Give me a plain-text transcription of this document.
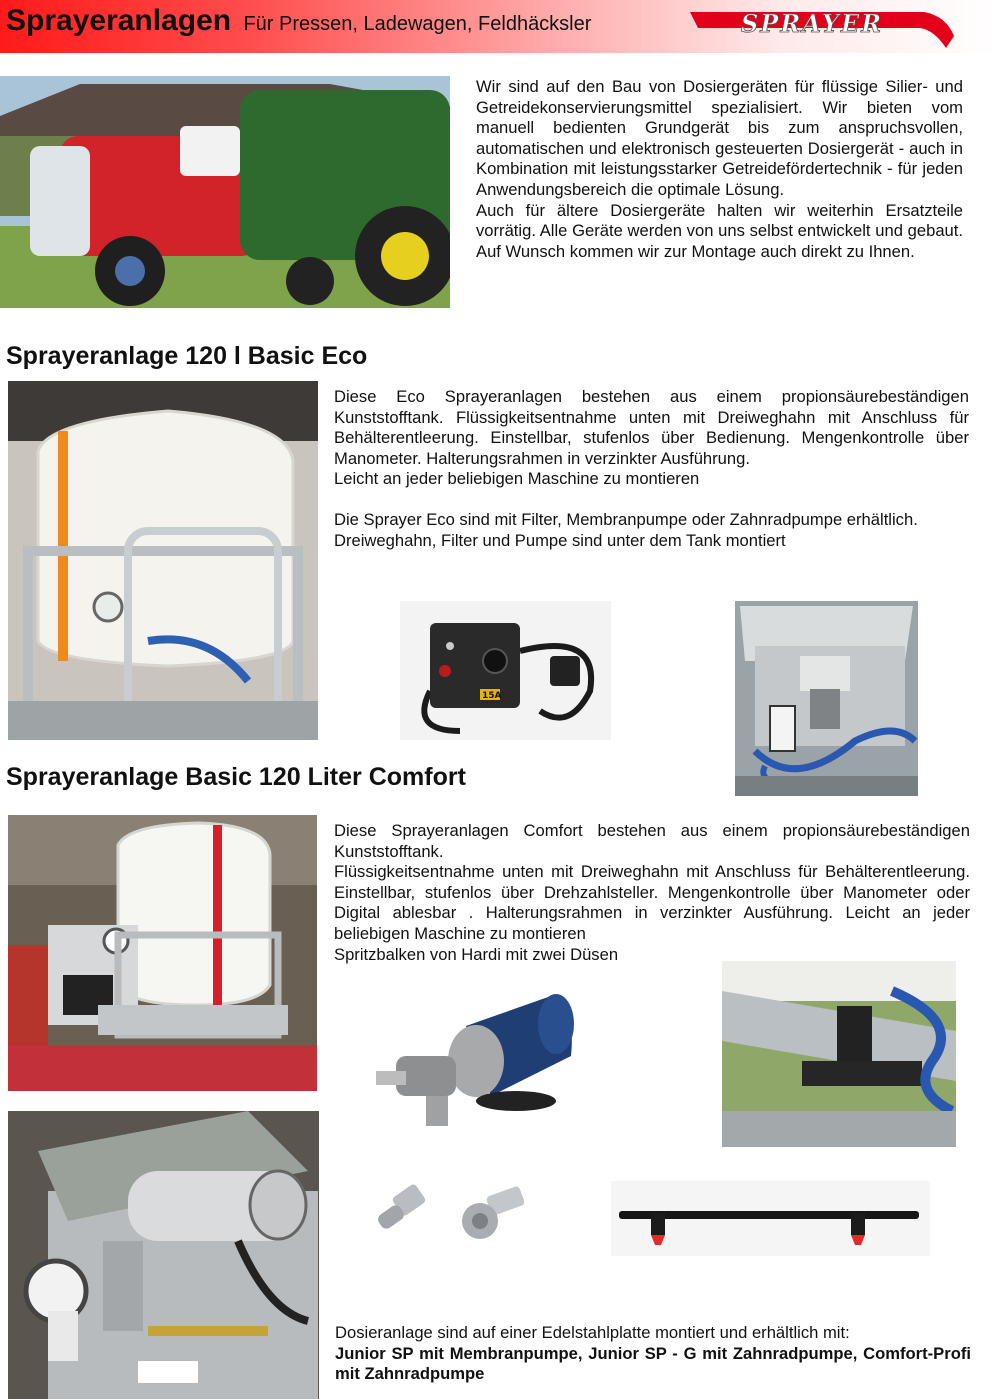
Sprayeranlagen Für Pressen, Ladewagen, Feldhäcksler	SPRAYER

Wir sind auf den Bau von Dosiergeräten für flüssige Silier- und Getreidekonservierungsmittel spezialisiert. Wir bieten vom manuell bedienten Grundgerät bis zum anspruchsvollen, automatischen und elektronisch gesteuerten Dosiergerät - auch in Kombination mit leistungsstarker Getreidefördertechnik - für jeden Anwendungsbereich die optimale Lösung.

Auch für ältere Dosiergeräte halten wir weiterhin Ersatzteile vorrätig. Alle Geräte werden von uns selbst entwickelt und gebaut. Auf Wunsch kommen wir zur Montage auch direkt zu Ihnen.

Sprayeranlage 120 l Basic Eco

Diese Eco Sprayeranlagen bestehen aus einem propionsäurebeständigen Kunststofftank. Flüssigkeitsentnahme unten mit Dreiweghahn mit Anschluss für Behälterentleerung. Einstellbar, stufenlos über Bedienung. Mengenkontrolle über Manometer. Halterungsrahmen in verzinkter Ausführung.

Leicht an jeder beliebigen Maschine zu montieren

Die Sprayer Eco sind mit Filter, Membranpumpe oder Zahnradpumpe erhältlich.

Dreiweghahn, Filter und Pumpe sind unter dem Tank montiert

15A
Sprayeranlage Basic 120 Liter Comfort

Diese Sprayeranlagen Comfort bestehen aus einem propionsäurebeständigen Kunststofftank.

Flüssigkeitsentnahme unten mit Dreiweghahn mit Anschluss für Behälterentleerung. Einstellbar, stufenlos über Drehzahlsteller. Mengenkontrolle über Manometer oder Digital ablesbar . Halterungsrahmen in verzinkter Ausführung. Leicht an jeder beliebigen Maschine zu montieren

Spritzbalken von Hardi mit zwei Düsen

Dosieranlage sind auf einer Edelstahlplatte montiert und erhältlich mit:

Junior SP mit Membranpumpe, Junior SP - G mit Zahnradpumpe, Comfort-Profi mit Zahnradpumpe
